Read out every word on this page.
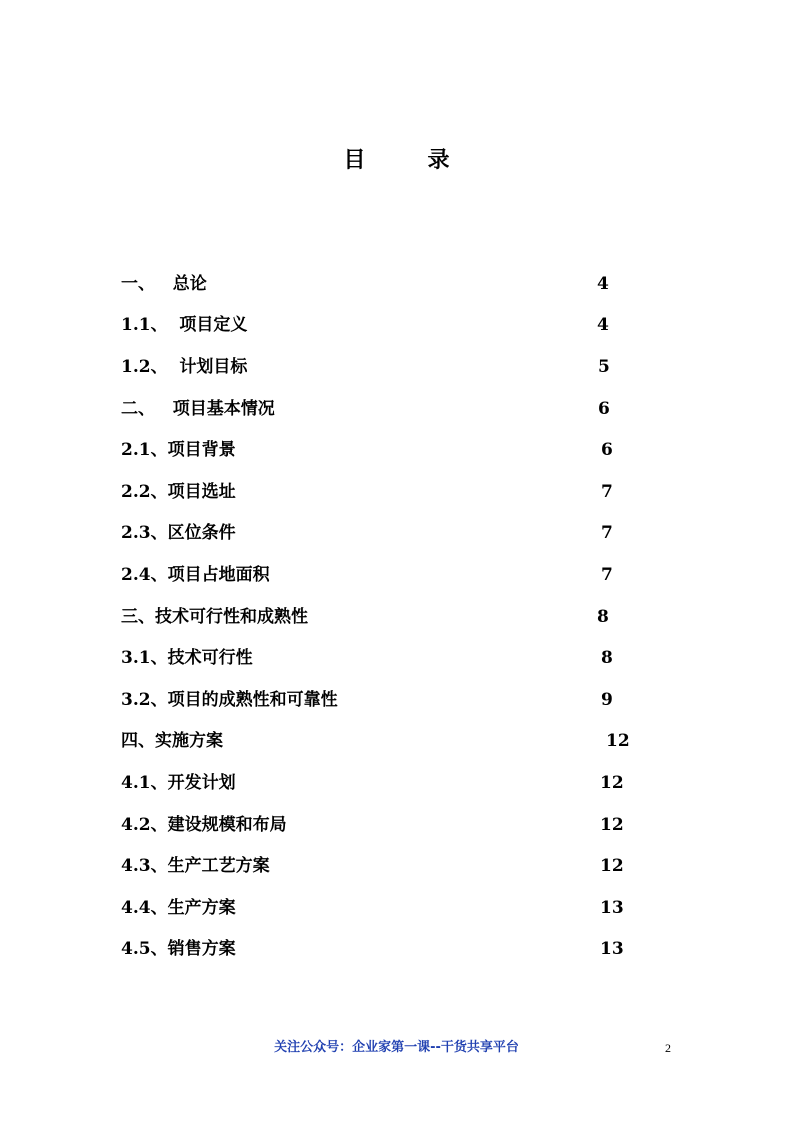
目	录
一、   总论	4
1.1、  项目定义	4
1.2、  计划目标	5
二、   项目基本情况	6
2.1、项目背景	6
2.2、项目选址	7
2.3、区位条件	7
2.4、项目占地面积	7
三、技术可行性和成熟性	8
3.1、技术可行性	8
3.2、项目的成熟性和可靠性	9
四、实施方案	12
4.1、开发计划	12
4.2、建设规模和布局	12
4.3、生产工艺方案	12
4.4、生产方案	13
4.5、销售方案	13
关注公众号：企业家第一课--干货共享平台	2
